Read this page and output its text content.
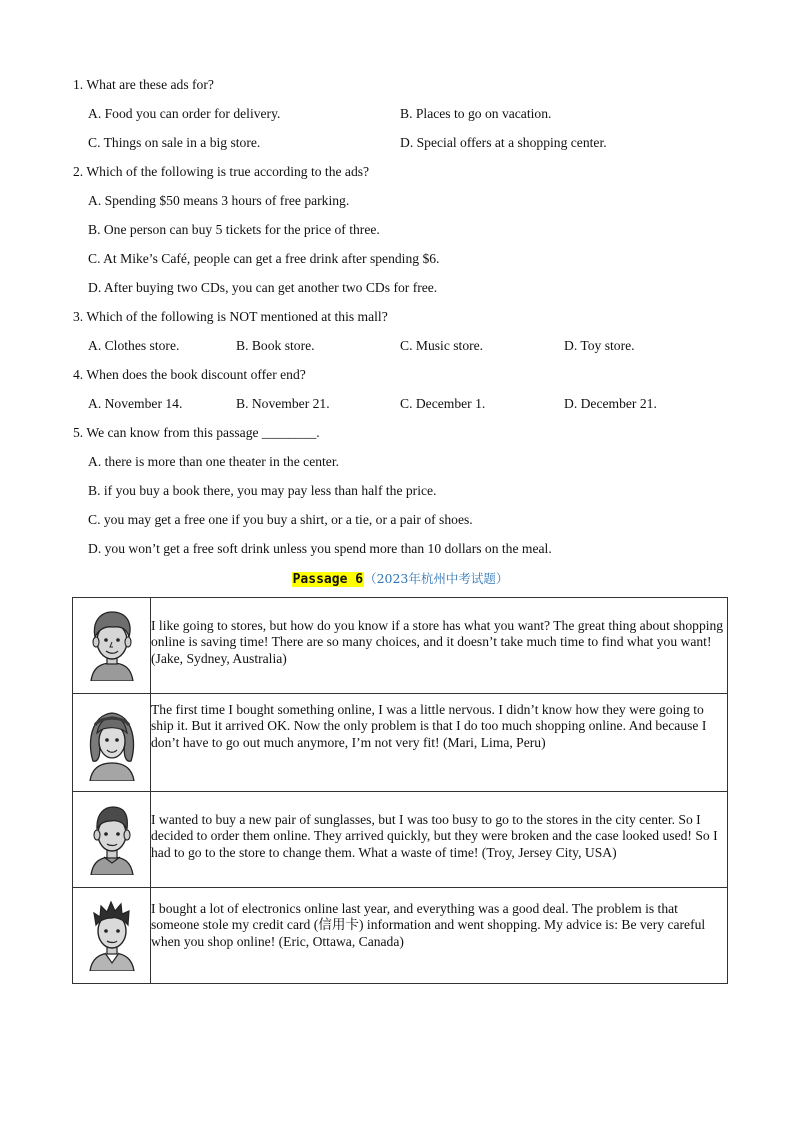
1. What are these ads for?
A. Food you can order for delivery.	B. Places to go on vacation.
C. Things on sale in a big store.	D. Special offers at a shopping center.
2. Which of the following is true according to the ads?
A. Spending $50 means 3 hours of free parking.
B. One person can buy 5 tickets for the price of three.
C. At Mike’s Café, people can get a free drink after spending $6.
D. After buying two CDs, you can get another two CDs for free.
3. Which of the following is NOT mentioned at this mall?
A. Clothes store.	B. Book store.	C. Music store.	D. Toy store.
4. When does the book discount offer end?
A. November 14.	B. November 21.	C. December 1.	D. December 21.
5. We can know from this passage ________.
A. there is more than one theater in the center.
B. if you buy a book there, you may pay less than half the price.
C. you may get a free one if you buy a shirt, or a tie, or a pair of shoes.
D. you won’t get a free soft drink unless you spend more than 10 dollars on the meal.
Passage 6（2023年杭州中考试题）

I like going to stores, but how do you know if a store has what you want? The great thing about shopping online is saving time! There are so many choices, and it doesn’t take much time to find what you want! (Jake, Sydney, Australia)

The first time I bought something online, I was a little nervous. I didn’t know how they were going to ship it. But it arrived OK. Now the only problem is that I do too much shopping online. And because I don’t have to go out much anymore, I’m not very fit! (Mari, Lima, Peru)

I wanted to buy a new pair of sunglasses, but I was too busy to go to the stores in the city center. So I decided to order them online. They arrived quickly, but they were broken and the case looked used! So I had to go to the store to change them. What a waste of time! (Troy, Jersey City, USA)

I bought a lot of electronics online last year, and everything was a good deal. The problem is that someone stole my credit card (信用卡) information and went shopping. My advice is: Be very careful when you shop online! (Eric, Ottawa, Canada)
